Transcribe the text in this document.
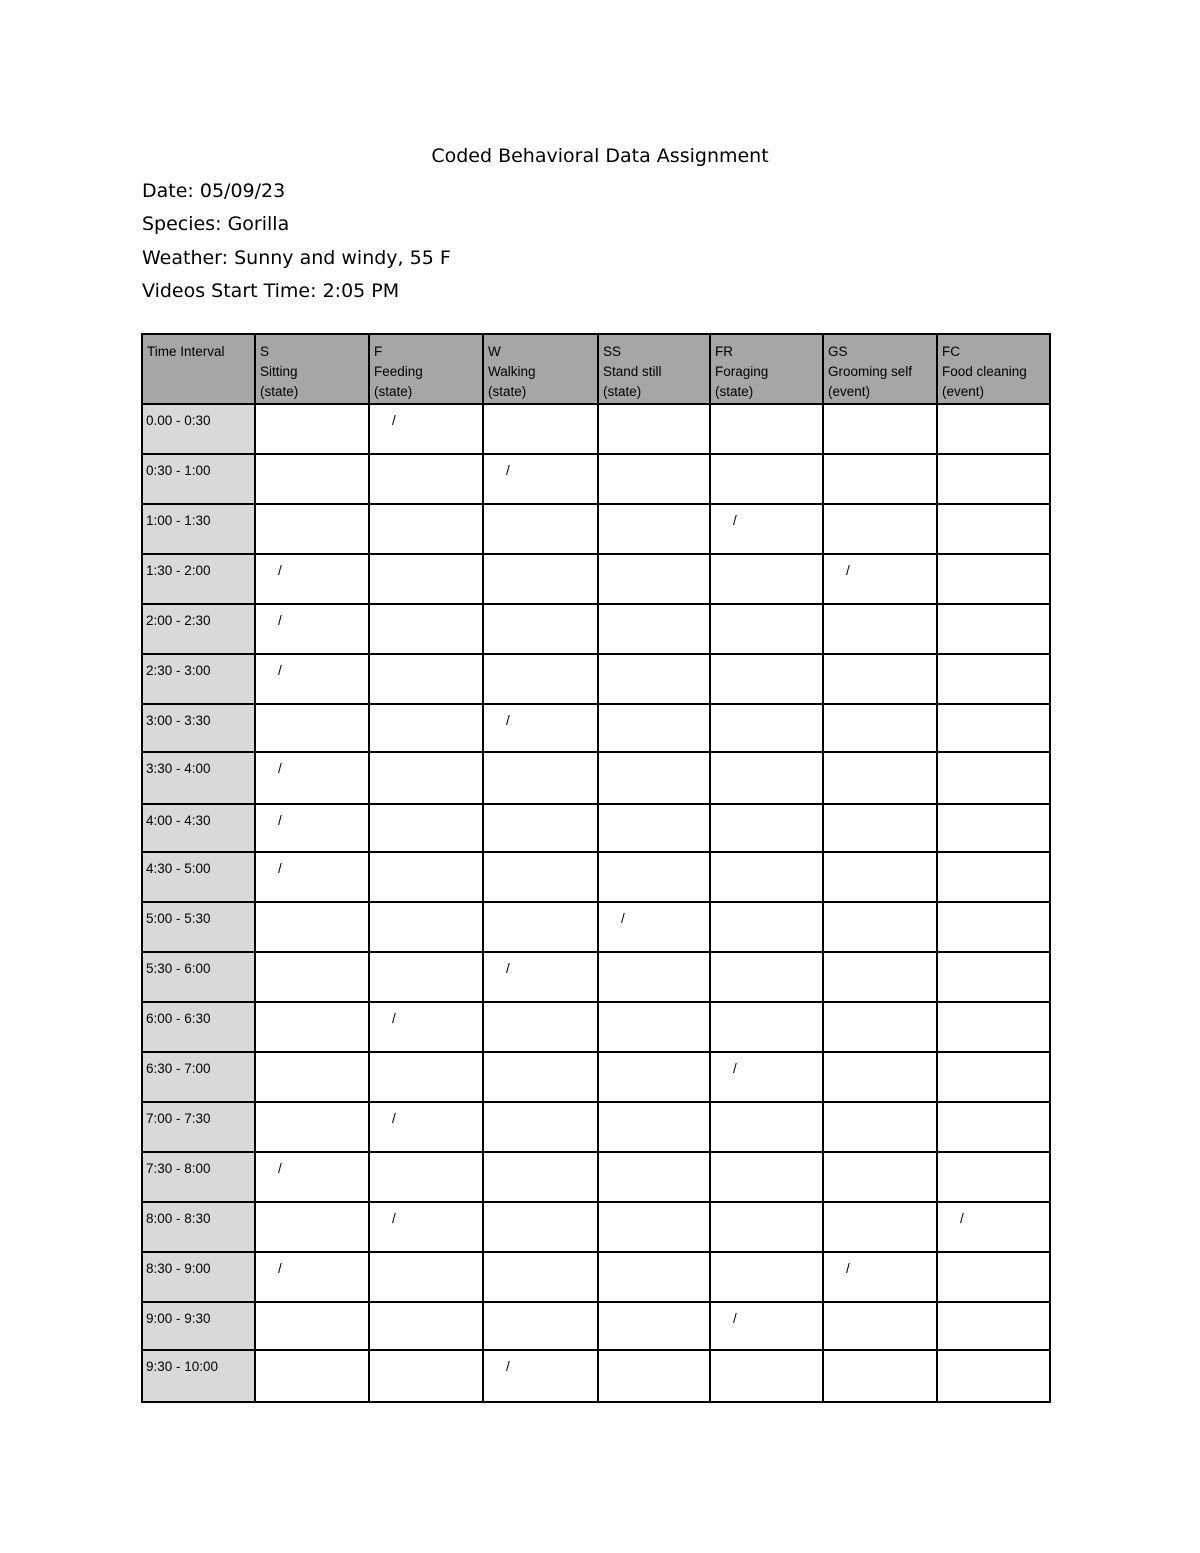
Coded Behavioral Data Assignment
Date: 05/09/23
Species: Gorilla
Weather: Sunny and windy, 55 F
Videos Start Time: 2:05 PM
Time Interval	S
Sitting
(state)	F
Feeding
(state)	W
Walking
(state)	SS
Stand still
(state)	FR
Foraging
(state)	GS
Grooming self
(event)	FC
Food cleaning
(event)

0.00 - 0:30		/					

0:30 - 1:00			/				

1:00 - 1:30					/		

1:30 - 2:00	/					/	

2:00 - 2:30	/						

2:30 - 3:00	/						

3:00 - 3:30			/				

3:30 - 4:00	/						

4:00 - 4:30	/						

4:30 - 5:00	/						

5:00 - 5:30				/			

5:30 - 6:00			/				

6:00 - 6:30		/					

6:30 - 7:00					/		

7:00 - 7:30		/					

7:30 - 8:00	/						

8:00 - 8:30		/					/

8:30 - 9:00	/					/	

9:00 - 9:30					/		

9:30 - 10:00			/				
